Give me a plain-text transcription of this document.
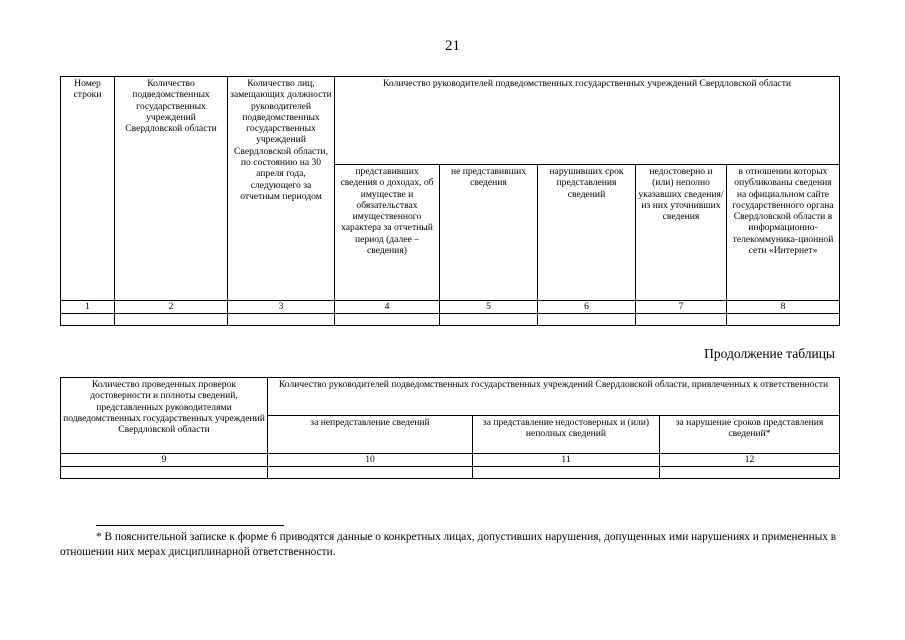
21
Номер строки	Количество подведомственных государственных учреждений Свердловской области	Количество лиц, замещающих должности руководителей подведомственных государственных учреждений Свердловской области, по состоянию на 30 апреля года, следующего за отчетным периодом	Количество руководителей подведомственных государственных учреждений Свердловской области				
			представивших сведения о доходах, об имуществе и обязательствах имущественного характера за отчетный период (далее – сведения)	не представивших сведения	нарушивших срок представления сведений	недостоверно и (или) неполно указавших сведения/ из них уточнивших сведения	в отношении которых опубликованы сведения на официальном сайте государственного органа Свердловской области в информационно-телекоммуника-ционной сети «Интернет»
1	2	3	4	5	6	7	8

Продолжение таблицы
Количество проведенных проверок достоверности и полноты сведений, представленных руководителями подведомственных государственных учреждений Свердловской области	Количество руководителей подведомственных государственных учреждений Свердловской области, привлеченных к ответственности		
	за непредставление сведений	за представление недостоверных и (или) неполных сведений	за нарушение сроков представления сведений*
9	10	11	12

* В пояснительной записке к форме 6 приводятся данные о конкретных лицах, допустивших нарушения, допущенных ими нарушениях и примененных в отношении них мерах дисциплинарной ответственности.
